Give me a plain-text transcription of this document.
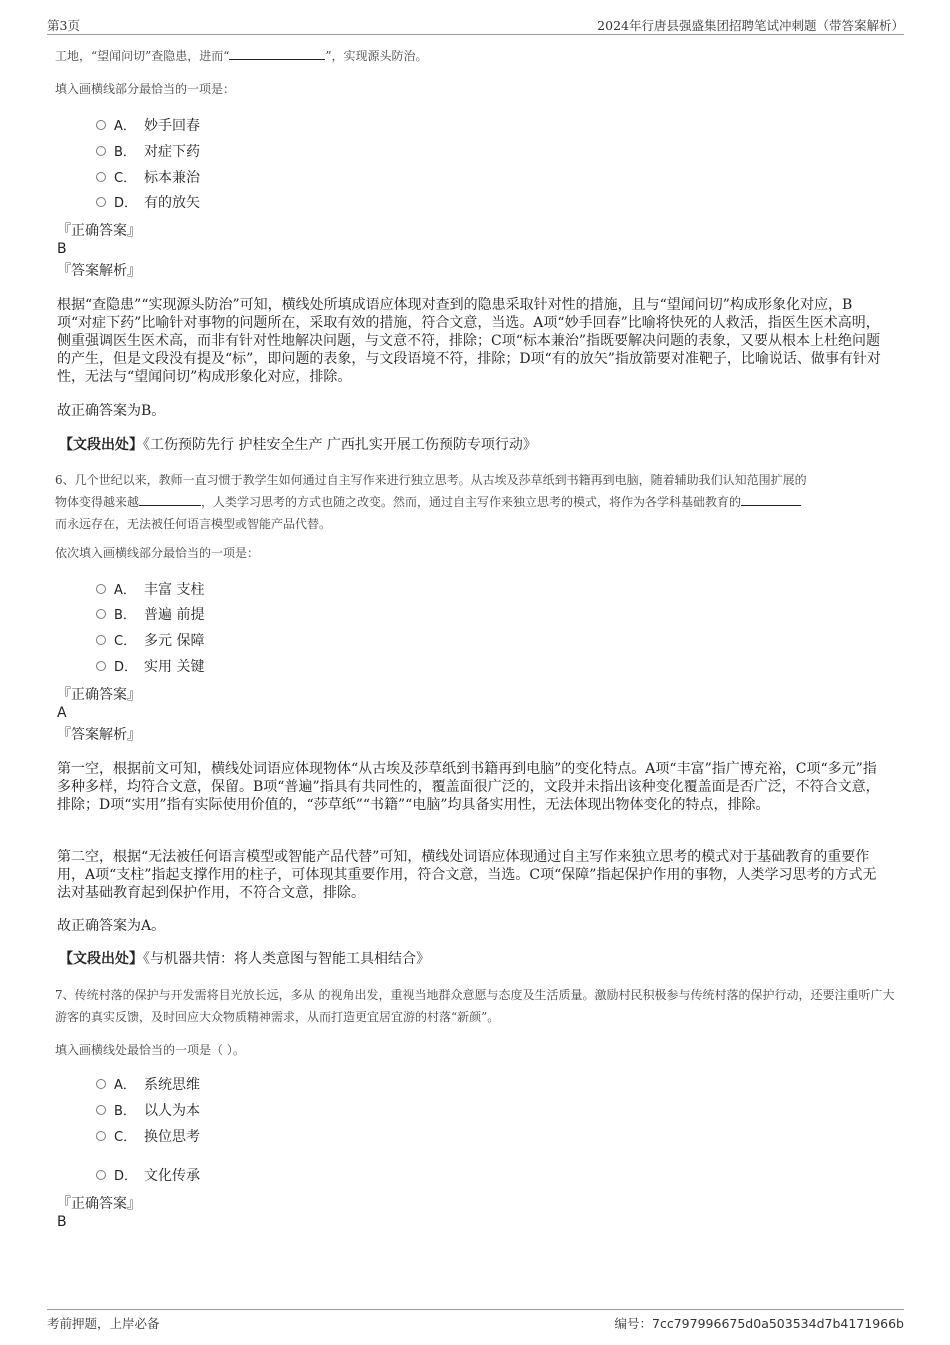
第3页	2024年行唐县强盛集团招聘笔试冲刺题（带答案解析）
工地，“望闻问切”查隐患，进而“	”，实现源头防治。
填入画横线部分最恰当的一项是：
A． 妙手回春
B． 对症下药
C． 标本兼治
D． 有的放矢
『正确答案』
B
『答案解析』
根据“查隐患”“实现源头防治”可知，横线处所填成语应体现对查到的隐患采取针对性的措施，且与“望闻问切”构成形象化对应，B项“对症下药”比喻针对事物的问题所在，采取有效的措施，符合文意，当选。A项“妙手回春”比喻将快死的人救活，指医生医术高明，侧重强调医生医术高，而非有针对性地解决问题，与文意不符，排除；C项“标本兼治”指既要解决问题的表象，又要从根本上杜绝问题的产生，但是文段没有提及“标”，即问题的表象，与文段语境不符，排除；D项“有的放矢”指放箭要对准靶子，比喻说话、做事有针对性，无法与“望闻问切”构成形象化对应，排除。
故正确答案为B。
【文段出处】《工伤预防先行 护桂安全生产 广西扎实开展工伤预防专项行动》
6、几个世纪以来，教师一直习惯于教学生如何通过自主写作来进行独立思考。从古埃及莎草纸到书籍再到电脑，随着辅助我们认知范围扩展的
物体变得越来越	，人类学习思考的方式也随之改变。然而，通过自主写作来独立思考的模式，将作为各学科基础教育的
而永远存在，无法被任何语言模型或智能产品代替。
依次填入画横线部分最恰当的一项是：
A． 丰富 支柱
B． 普遍 前提
C． 多元 保障
D． 实用 关键
『正确答案』
A
『答案解析』
第一空，根据前文可知，横线处词语应体现物体“从古埃及莎草纸到书籍再到电脑”的变化特点。A项“丰富”指广博充裕，C项“多元”指多种多样，均符合文意，保留。B项“普遍”指具有共同性的，覆盖面很广泛的，文段并未指出该种变化覆盖面是否广泛，不符合文意，排除；D项“实用”指有实际使用价值的，“莎草纸”“书籍”“电脑”均具备实用性，无法体现出物体变化的特点，排除。
第二空，根据“无法被任何语言模型或智能产品代替”可知，横线处词语应体现通过自主写作来独立思考的模式对于基础教育的重要作用，A项“支柱”指起支撑作用的柱子，可体现其重要作用，符合文意，当选。C项“保障”指起保护作用的事物，人类学习思考的方式无法对基础教育起到保护作用，不符合文意，排除。
故正确答案为A。
【文段出处】《与机器共情：将人类意图与智能工具相结合》
7、传统村落的保护与开发需将目光放长远，多从 的视角出发，重视当地群众意愿与态度及生活质量。激励村民积极参与传统村落的保护行动，还要注重听广大游客的真实反馈，及时回应大众物质精神需求，从而打造更宜居宜游的村落“新颜”。
填入画横线处最恰当的一项是（ ）。
A． 系统思维
B． 以人为本
C． 换位思考
D． 文化传承
『正确答案』
B
考前押题，上岸必备	编号：7cc797996675d0a503534d7b4171966b
